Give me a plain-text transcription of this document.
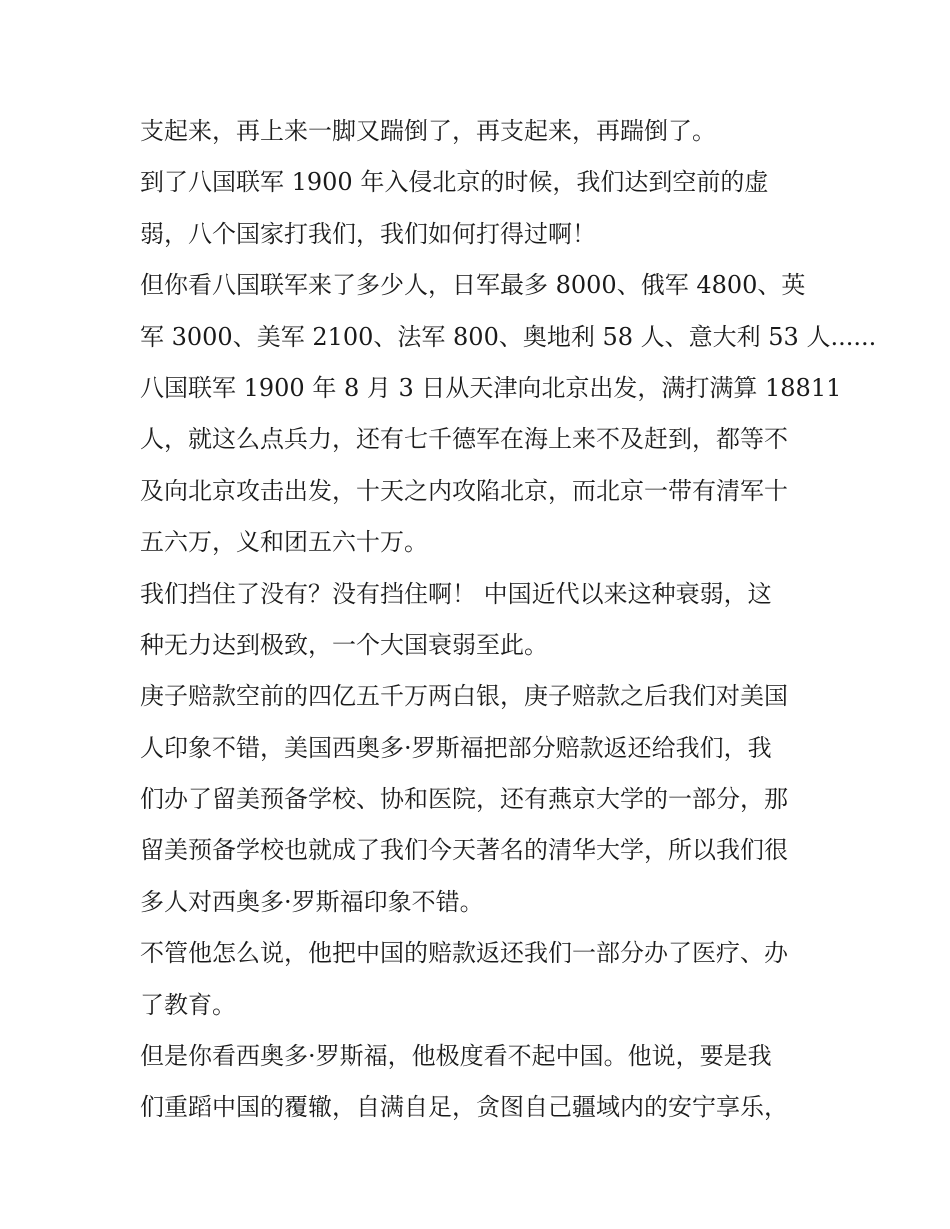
支起来，再上来一脚又踹倒了，再支起来，再踹倒了。
到了八国联军 1900 年入侵北京的时候，我们达到空前的虚
弱，八个国家打我们，我们如何打得过啊！
但你看八国联军来了多少人，日军最多 8000、俄军 4800、英
军 3000、美军 2100、法军 800、奥地利 58 人、意大利 53 人......
八国联军 1900 年 8 月 3 日从天津向北京出发，满打满算 18811
人，就这么点兵力，还有七千德军在海上来不及赶到，都等不
及向北京攻击出发，十天之内攻陷北京，而北京一带有清军十
五六万，义和团五六十万。
我们挡住了没有？没有挡住啊！ 中国近代以来这种衰弱，这
种无力达到极致，一个大国衰弱至此。
庚子赔款空前的四亿五千万两白银，庚子赔款之后我们对美国
人印象不错，美国西奥多·罗斯福把部分赔款返还给我们，我
们办了留美预备学校、协和医院，还有燕京大学的一部分，那
留美预备学校也就成了我们今天著名的清华大学，所以我们很
多人对西奥多·罗斯福印象不错。
不管他怎么说，他把中国的赔款返还我们一部分办了医疗、办
了教育。
但是你看西奥多·罗斯福，他极度看不起中国。他说，要是我
们重蹈中国的覆辙，自满自足，贪图自己疆域内的安宁享乐，
